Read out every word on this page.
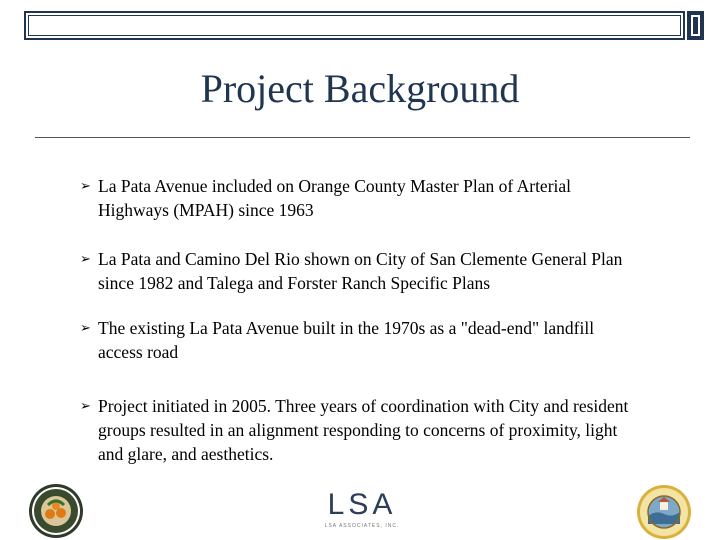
Project Background
➢ La Pata Avenue included on Orange County Master Plan of Arterial Highways (MPAH) since 1963
➢ La Pata and Camino Del Rio shown on City of San Clemente General Plan since 1982 and Talega and Forster Ranch Specific Plans
➢ The existing La Pata Avenue built in the 1970s as a "dead-end" landfill access road
➢ Project initiated in 2005. Three years of coordination with City and resident groups resulted in an alignment responding to concerns of proximity, light and glare, and aesthetics.
LSA
LSA ASSOCIATES, INC.
